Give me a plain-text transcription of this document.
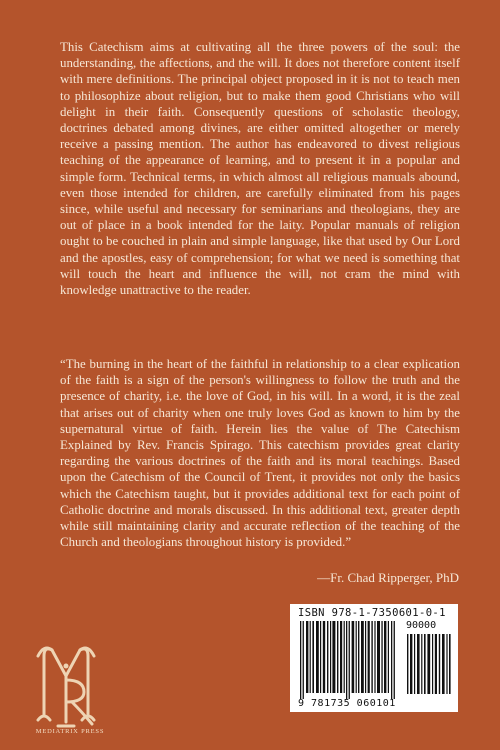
This Catechism aims at cultivating all the three powers of the soul: the understanding, the affections, and the will. It does not therefore content itself with mere definitions. The principal object proposed in it is not to teach men to philosophize about religion, but to make them good Christians who will delight in their faith. Consequently questions of scholastic theology, doctrines debated among divines, are either omitted altogether or merely receive a passing mention. The author has endeavored to divest religious teaching of the appearance of learning, and to present it in a popular and simple form. Technical terms, in which almost all religious manuals abound, even those intended for children, are carefully eliminated from his pages since, while useful and necessary for seminarians and theologians, they are out of place in a book intended for the laity. Popular manuals of religion ought to be couched in plain and simple language, like that used by Our Lord and the apostles, easy of comprehension; for what we need is something that will touch the heart and influence the will, not cram the mind with knowledge unattractive to the reader.

“The burning in the heart of the faithful in relationship to a clear explication of the faith is a sign of the person's willingness to follow the truth and the presence of charity, i.e. the love of God, in his will. In a word, it is the zeal that arises out of charity when one truly loves God as known to him by the supernatural virtue of faith. Herein lies the value of The Catechism Explained by Rev. Francis Spirago. This catechism provides great clarity regarding the various doctrines of the faith and its moral teachings. Based upon the Catechism of the Council of Trent, it provides not only the basics which the Catechism taught, but it provides additional text for each point of Catholic doctrine and morals discussed. In this additional text, greater depth while still maintaining clarity and accurate reflection of the teaching of the Church and theologians throughout history is provided.”

—Fr. Chad Ripperger, PhD

MEDIATRIX PRESS

ISBN 978-1-7350601-0-1
90000
9 781735 060101
